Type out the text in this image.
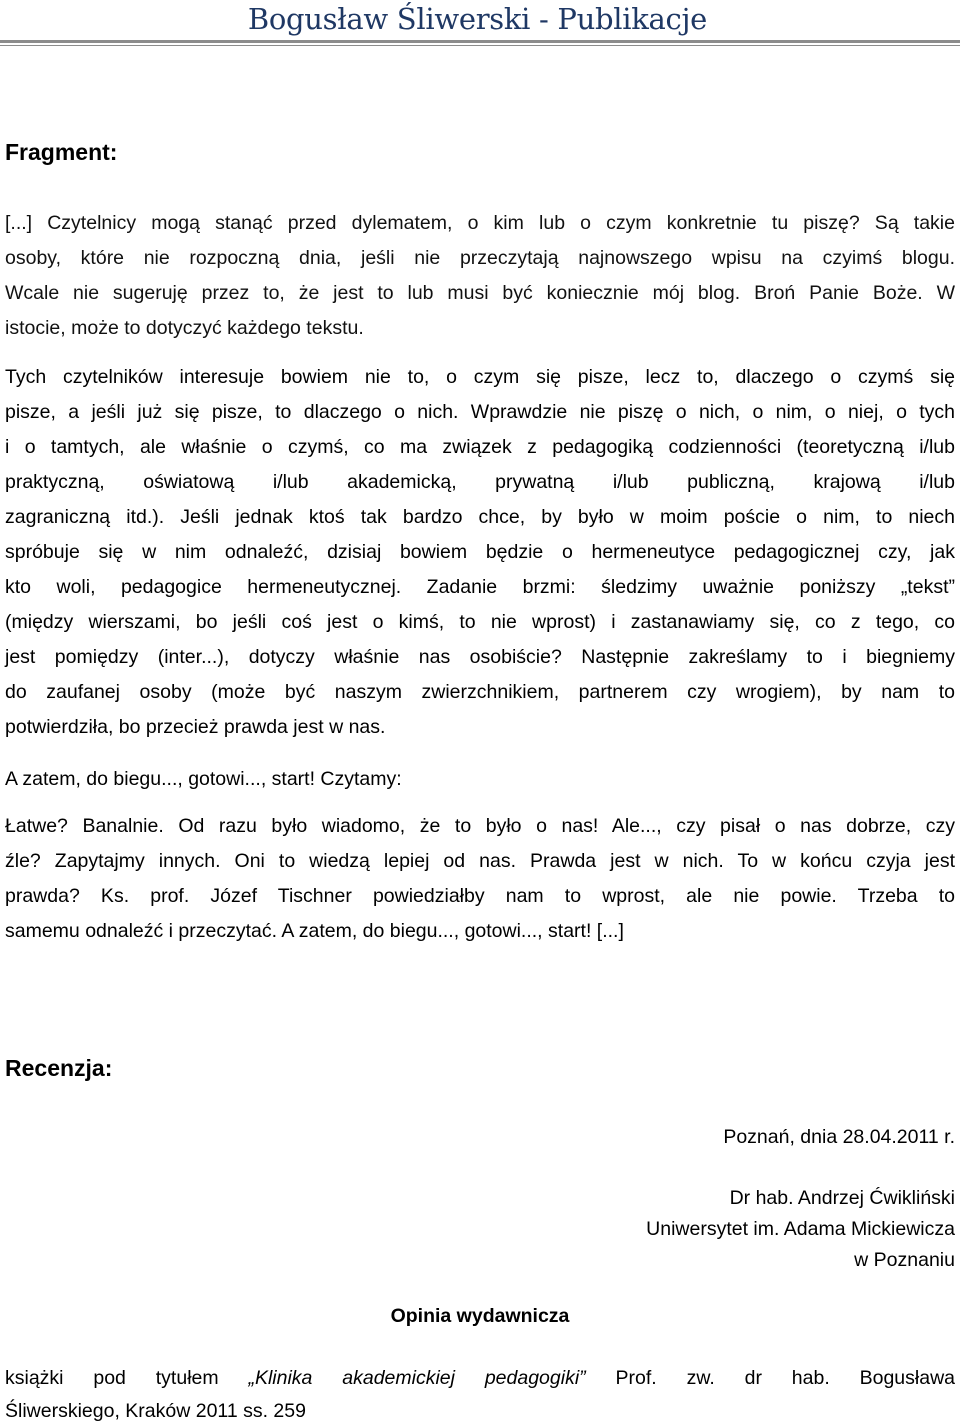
Bogusław Śliwerski - Publikacje
Fragment:
[...] Czytelnicy mogą stanąć przed dylematem, o kim lub o czym konkretnie tu piszę? Są takie
osoby, które nie rozpoczną dnia, jeśli nie przeczytają najnowszego wpisu na czyimś blogu.
Wcale nie sugeruję przez to, że jest to lub musi być koniecznie mój blog. Broń Panie Boże. W
istocie, może to dotyczyć każdego tekstu.
Tych czytelników interesuje bowiem nie to, o czym się pisze, lecz to, dlaczego o czymś się
pisze, a jeśli już się pisze, to dlaczego o nich. Wprawdzie nie piszę o nich, o nim, o niej, o tych
i o tamtych, ale właśnie o czymś, co ma związek z pedagogiką codzienności (teoretyczną i/lub
praktyczną, oświatową i/lub akademicką, prywatną i/lub publiczną, krajową i/lub
zagraniczną itd.). Jeśli jednak ktoś tak bardzo chce, by było w moim poście o nim, to niech
spróbuje się w nim odnaleźć, dzisiaj bowiem będzie o hermeneutyce pedagogicznej czy, jak
kto woli, pedagogice hermeneutycznej. Zadanie brzmi: śledzimy uważnie poniższy „tekst”
(między wierszami, bo jeśli coś jest o kimś, to nie wprost) i zastanawiamy się, co z tego, co
jest pomiędzy (inter...), dotyczy właśnie nas osobiście? Następnie zakreślamy to i biegniemy
do zaufanej osoby (może być naszym zwierzchnikiem, partnerem czy wrogiem), by nam to
potwierdziła, bo przecież prawda jest w nas.
A zatem, do biegu..., gotowi..., start! Czytamy:
Łatwe? Banalnie. Od razu było wiadomo, że to było o nas! Ale..., czy pisał o nas dobrze, czy
źle? Zapytajmy innych. Oni to wiedzą lepiej od nas. Prawda jest w nich. To w końcu czyja jest
prawda? Ks. prof. Józef Tischner powiedziałby nam to wprost, ale nie powie. Trzeba to
samemu odnaleźć i przeczytać. A zatem, do biegu..., gotowi..., start! [...]
Recenzja:
Poznań, dnia 28.04.2011 r.
Dr hab. Andrzej Ćwikliński
Uniwersytet im. Adama Mickiewicza
w Poznaniu
Opinia wydawnicza
książki pod tytułem „Klinika akademickiej pedagogiki” Prof. zw. dr hab. Bogusława
Śliwerskiego, Kraków 2011 ss. 259
